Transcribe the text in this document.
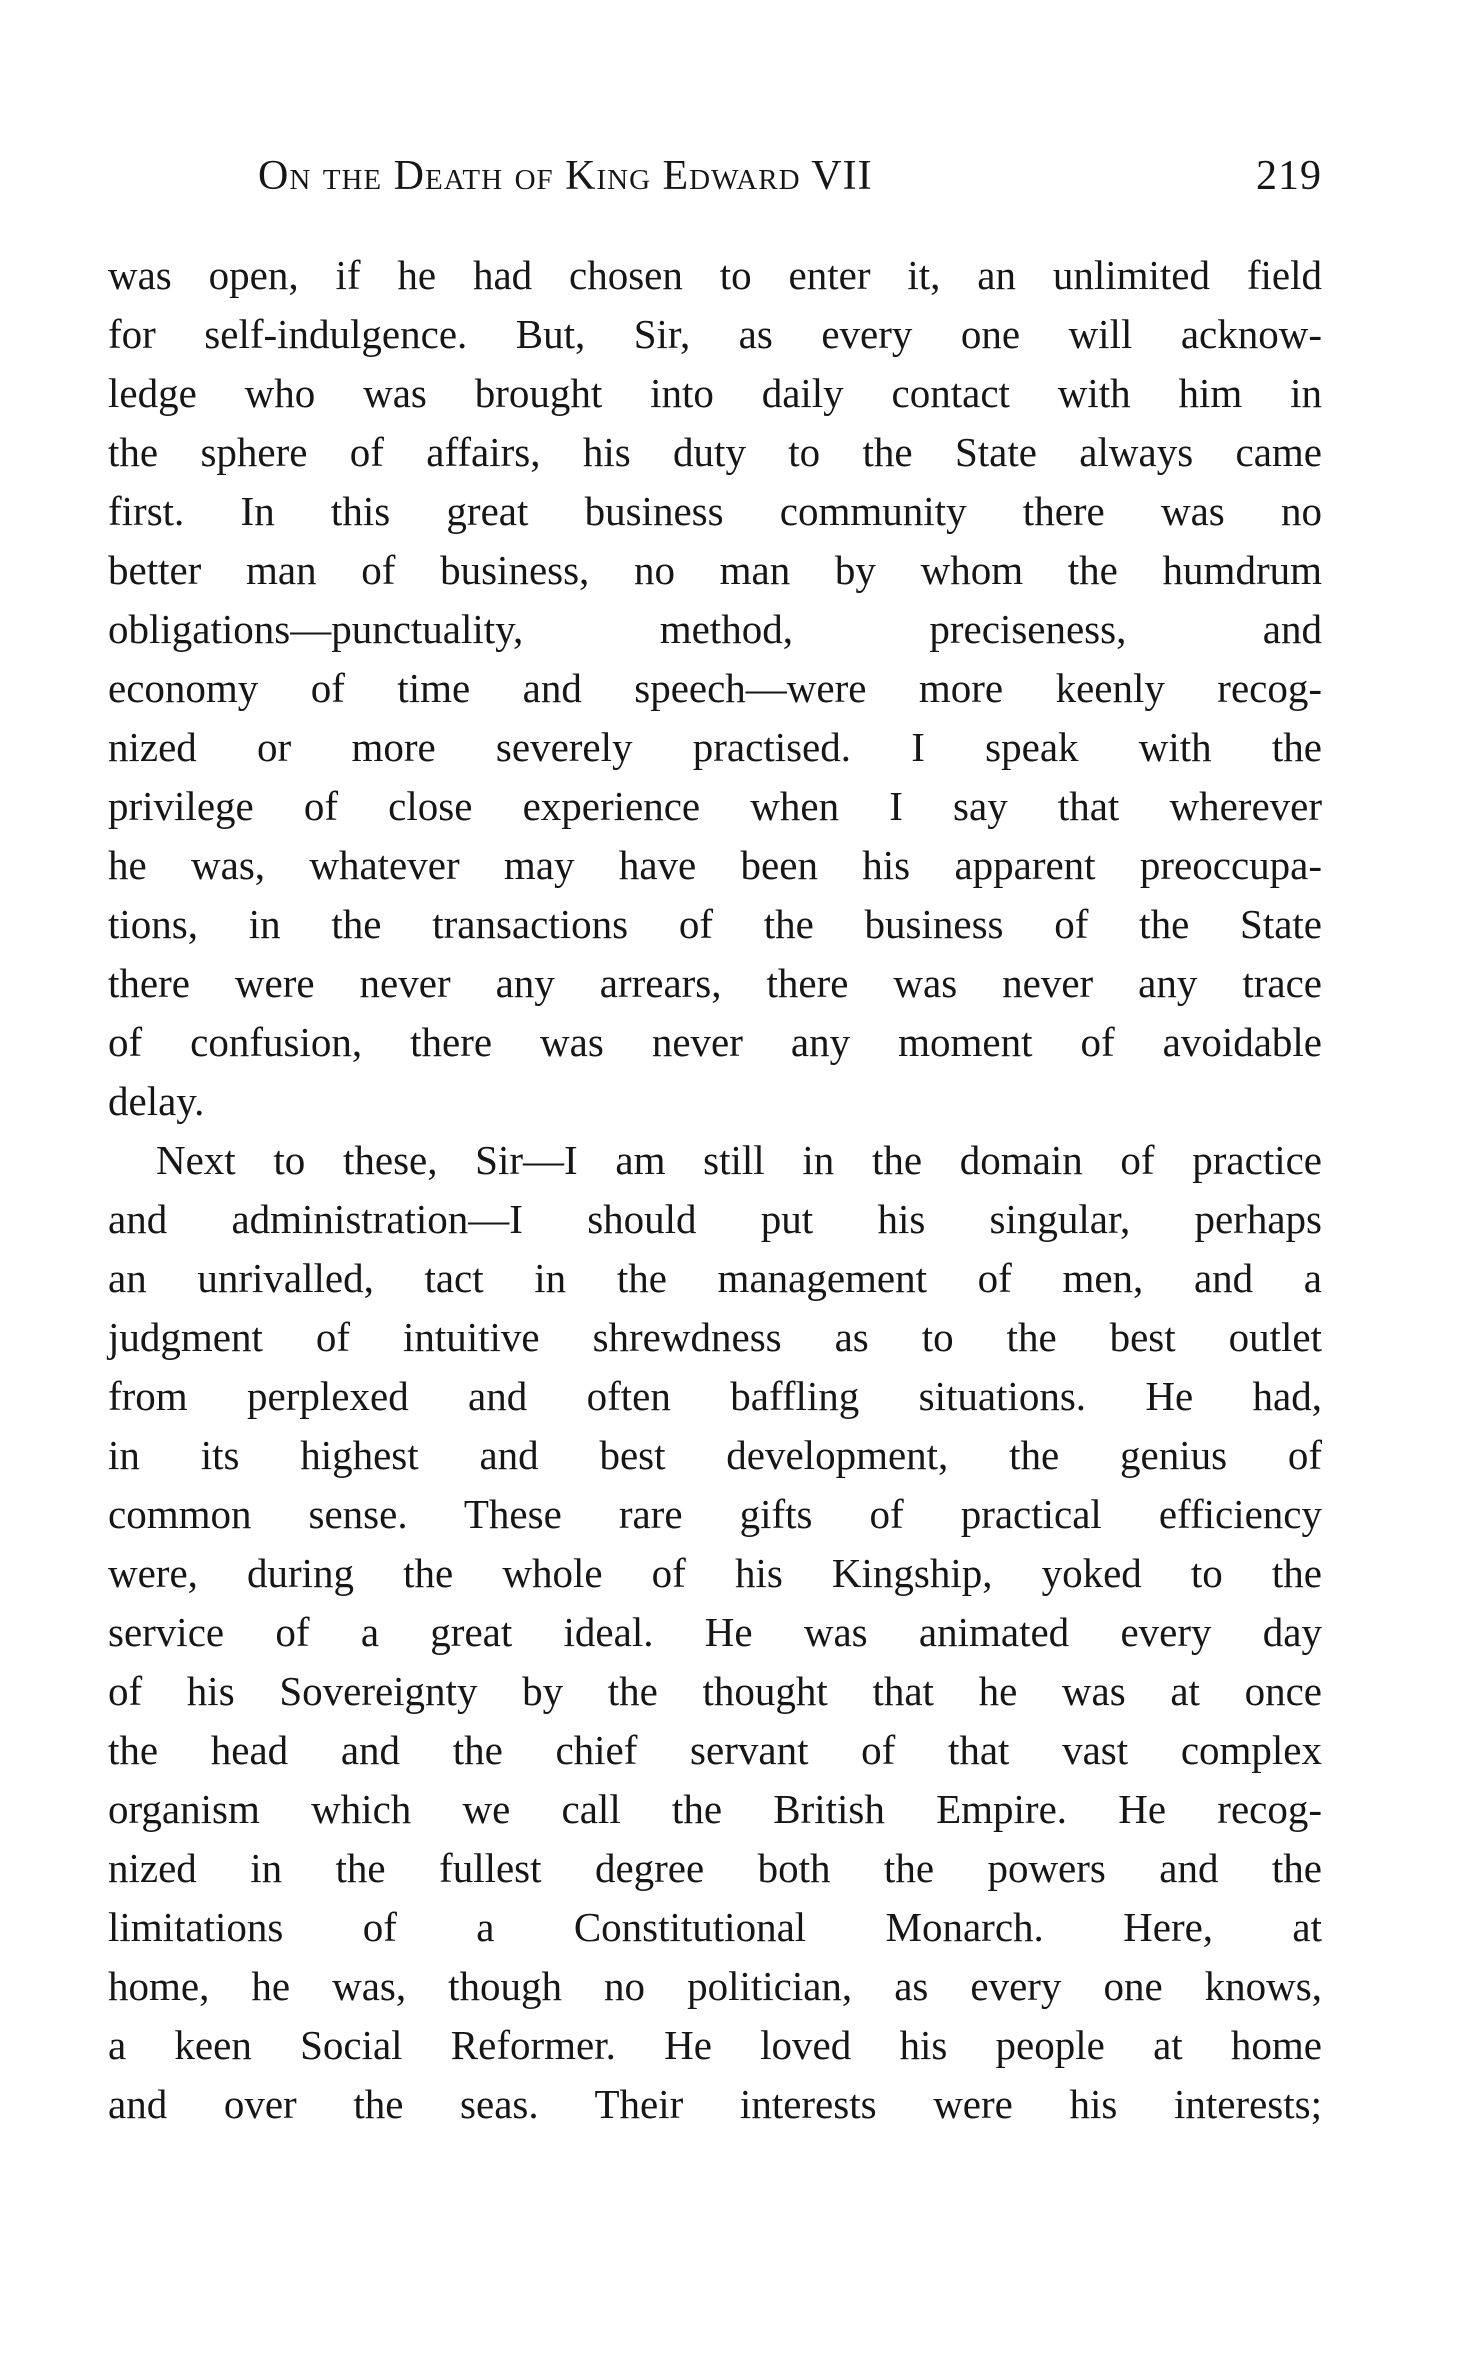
On the Death of King Edward VII	219
was open, if he had chosen to enter it, an unlimited field
for self-indulgence. But, Sir, as every one will acknow-
ledge who was brought into daily contact with him in
the sphere of affairs, his duty to the State always came
first. In this great business community there was no
better man of business, no man by whom the humdrum
obligations—punctuality, method, preciseness, and
economy of time and speech—were more keenly recog-
nized or more severely practised. I speak with the
privilege of close experience when I say that wherever
he was, whatever may have been his apparent preoccupa-
tions, in the transactions of the business of the State
there were never any arrears, there was never any trace
of confusion, there was never any moment of avoidable
delay.
Next to these, Sir—I am still in the domain of practice
and administration—I should put his singular, perhaps
an unrivalled, tact in the management of men, and a
judgment of intuitive shrewdness as to the best outlet
from perplexed and often baffling situations. He had,
in its highest and best development, the genius of
common sense. These rare gifts of practical efficiency
were, during the whole of his Kingship, yoked to the
service of a great ideal. He was animated every day
of his Sovereignty by the thought that he was at once
the head and the chief servant of that vast complex
organism which we call the British Empire. He recog-
nized in the fullest degree both the powers and the
limitations of a Constitutional Monarch. Here, at
home, he was, though no politician, as every one knows,
a keen Social Reformer. He loved his people at home
and over the seas. Their interests were his interests;
